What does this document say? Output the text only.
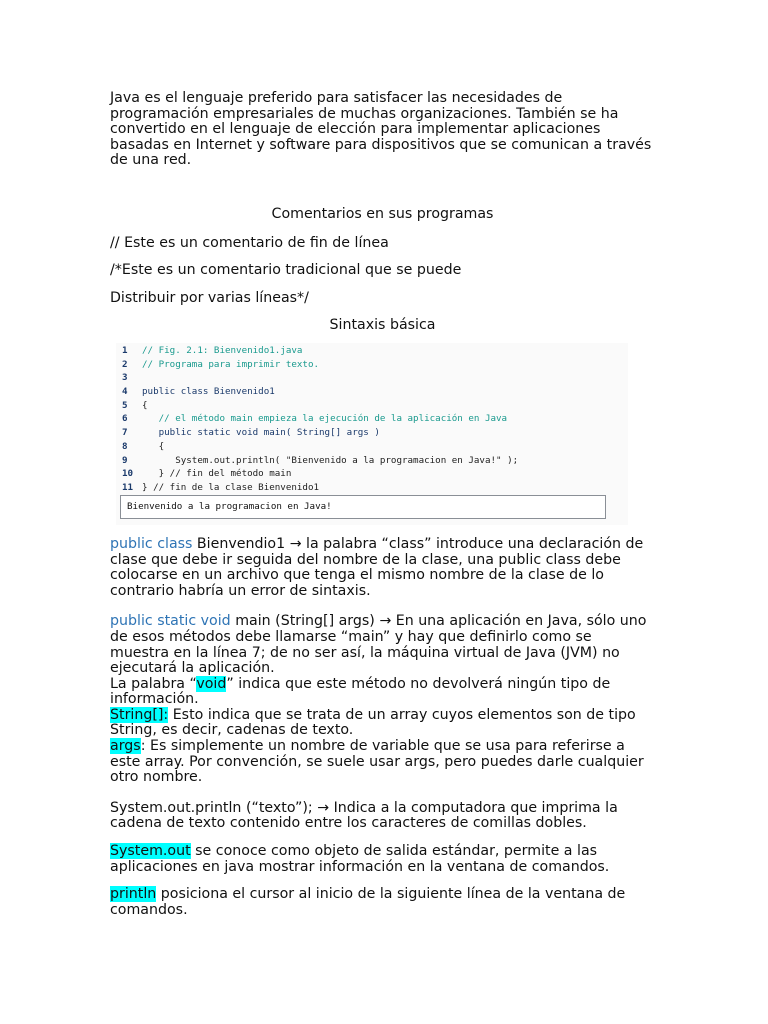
Java es el lenguaje preferido para satisfacer las necesidades de programación empresariales de muchas organizaciones. También se ha convertido en el lenguaje de elección para implementar aplicaciones basadas en Internet y software para dispositivos que se comunican a través de una red.

Comentarios en sus programas

// Este es un comentario de fin de línea

/*Este es un comentario tradicional que se puede

Distribuir por varias líneas*/

Sintaxis básica

1 // Fig. 2.1: Bienvenido1.java
2 // Programa para imprimir texto.
3
4 public class Bienvenido1
5 {
6   // el método main empieza la ejecución de la aplicación en Java
7   public static void main( String[] args )
8   {
9      System.out.println( "Bienvenido a la programacion en Java!" );
10   } // fin del método main
11 } // fin de la clase Bienvenido1
Bienvenido a la programacion en Java!

public class Bienvendio1 → la palabra “class” introduce una declaración de clase que debe ir seguida del nombre de la clase, una public class debe colocarse en un archivo que tenga el mismo nombre de la clase de lo contrario habría un error de sintaxis.

public static void main (String[] args) → En una aplicación en Java, sólo uno de esos métodos debe llamarse “main” y hay que definirlo como se muestra en la línea 7; de no ser así, la máquina virtual de Java (JVM) no ejecutará la aplicación.

La palabra “void” indica que este método no devolverá ningún tipo de información.

String[]: Esto indica que se trata de un array cuyos elementos son de tipo String, es decir, cadenas de texto.

args: Es simplemente un nombre de variable que se usa para referirse a este array. Por convención, se suele usar args, pero puedes darle cualquier otro nombre.

System.out.println (“texto”); → Indica a la computadora que imprima la cadena de texto contenido entre los caracteres de comillas dobles.

System.out se conoce como objeto de salida estándar, permite a las aplicaciones en java mostrar información en la ventana de comandos.

println posiciona el cursor al inicio de la siguiente línea de la ventana de comandos.
